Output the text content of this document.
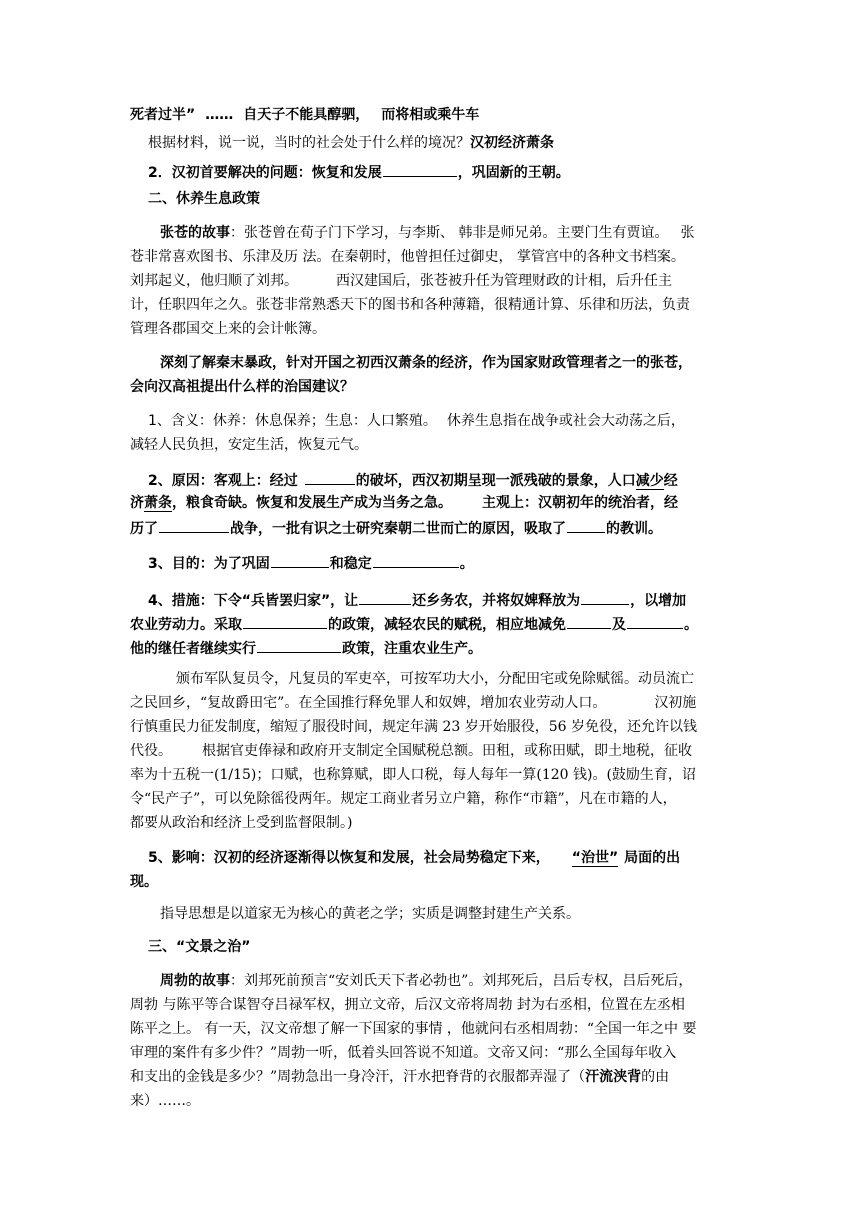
死者过半” …… 自天子不能具醇驷， 而将相或乘牛车
根据材料，说一说，当时的社会处于什么样的境况？汉初经济萧条
2．汉初首要解决的问题：恢复和发展	，巩固新的王朝。
二、休养生息政策
张苍的故事：张苍曾在荀子门下学习，与李斯、 韩非是师兄弟。主要门生有贾谊。 张
苍非常喜欢图书、乐津及历 法。在秦朝时，他曾担任过御史， 掌管宫中的各种文书档案。
刘邦起义，他归顺了刘邦。	西汉建国后，张苍被升任为管理财政的计相，后升任主
计，任职四年之久。张苍非常熟悉天下的图书和各种薄籍，很精通计算、乐律和历法，负责
管理各郡国交上来的会计帐簿。
深刻了解秦末暴政，针对开国之初西汉萧条的经济，作为国家财政管理者之一的张苍，
会向汉高祖提出什么样的治国建议？
1、含义：休养：休息保养；生息：人口繁殖。 休养生息指在战争或社会大动荡之后，
减轻人民负担，安定生活，恢复元气。
2、原因：客观上：经过	的破坏，西汉初期呈现一派残破的景象，人口减少经
济萧条，粮食奇缺。恢复和发展生产成为当务之急。 主观上：汉朝初年的统治者，经
历了	战争，一批有识之士研究秦朝二世而亡的原因，吸取了	的教训。
3、目的：为了巩固	和稳定	。
4、措施：下令“兵皆罢归家”，让	还乡务农，并将奴婢释放为	，以增加
农业劳动力。采取	的政策，减轻农民的赋税，相应地减免	及	。
他的继任者继续实行	政策，注重农业生产。
颁布军队复员令，凡复员的军吏卒，可按军功大小，分配田宅或免除赋徭。动员流亡
之民回乡，“复故爵田宅”。在全国推行释免罪人和奴婢，增加农业劳动人口。	汉初施
行慎重民力征发制度，缩短了服役时间，规定年满 23 岁开始服役，56 岁免役，还允许以钱
代役。 根据官吏俸禄和政府开支制定全国赋税总额。田租，或称田赋，即土地税，征收
率为十五税一(1/15)；口赋，也称算赋，即人口税，每人每年一算(120 钱)。(鼓励生育，诏
令“民产子”，可以免除徭役两年。规定工商业者另立户籍，称作“市籍”，凡在市籍的人，
都要从政治和经济上受到监督限制。)
5、影响：汉初的经济逐渐得以恢复和发展，社会局势稳定下来， “治世” 局面的出
现。
指导思想是以道家无为核心的黄老之学；实质是调整封建生产关系。
三、“文景之治”
周勃的故事：刘邦死前预言“安刘氏天下者必勃也”。刘邦死后，吕后专权，吕后死后，
周勃 与陈平等合谋智夺吕禄军权，拥立文帝，后汉文帝将周勃 封为右丞相，位置在左丞相
陈平之上。 有一天，汉文帝想了解一下国家的事情 ，他就问右丞相周勃：“全国一年之中 要
审理的案件有多少件？”周勃一听，低着头回答说不知道。文帝又问：“那么全国每年收入
和支出的金钱是多少？”周勃急出一身冷汗，汗水把脊背的衣服都弄湿了（汗流浃背的由
来）……。
